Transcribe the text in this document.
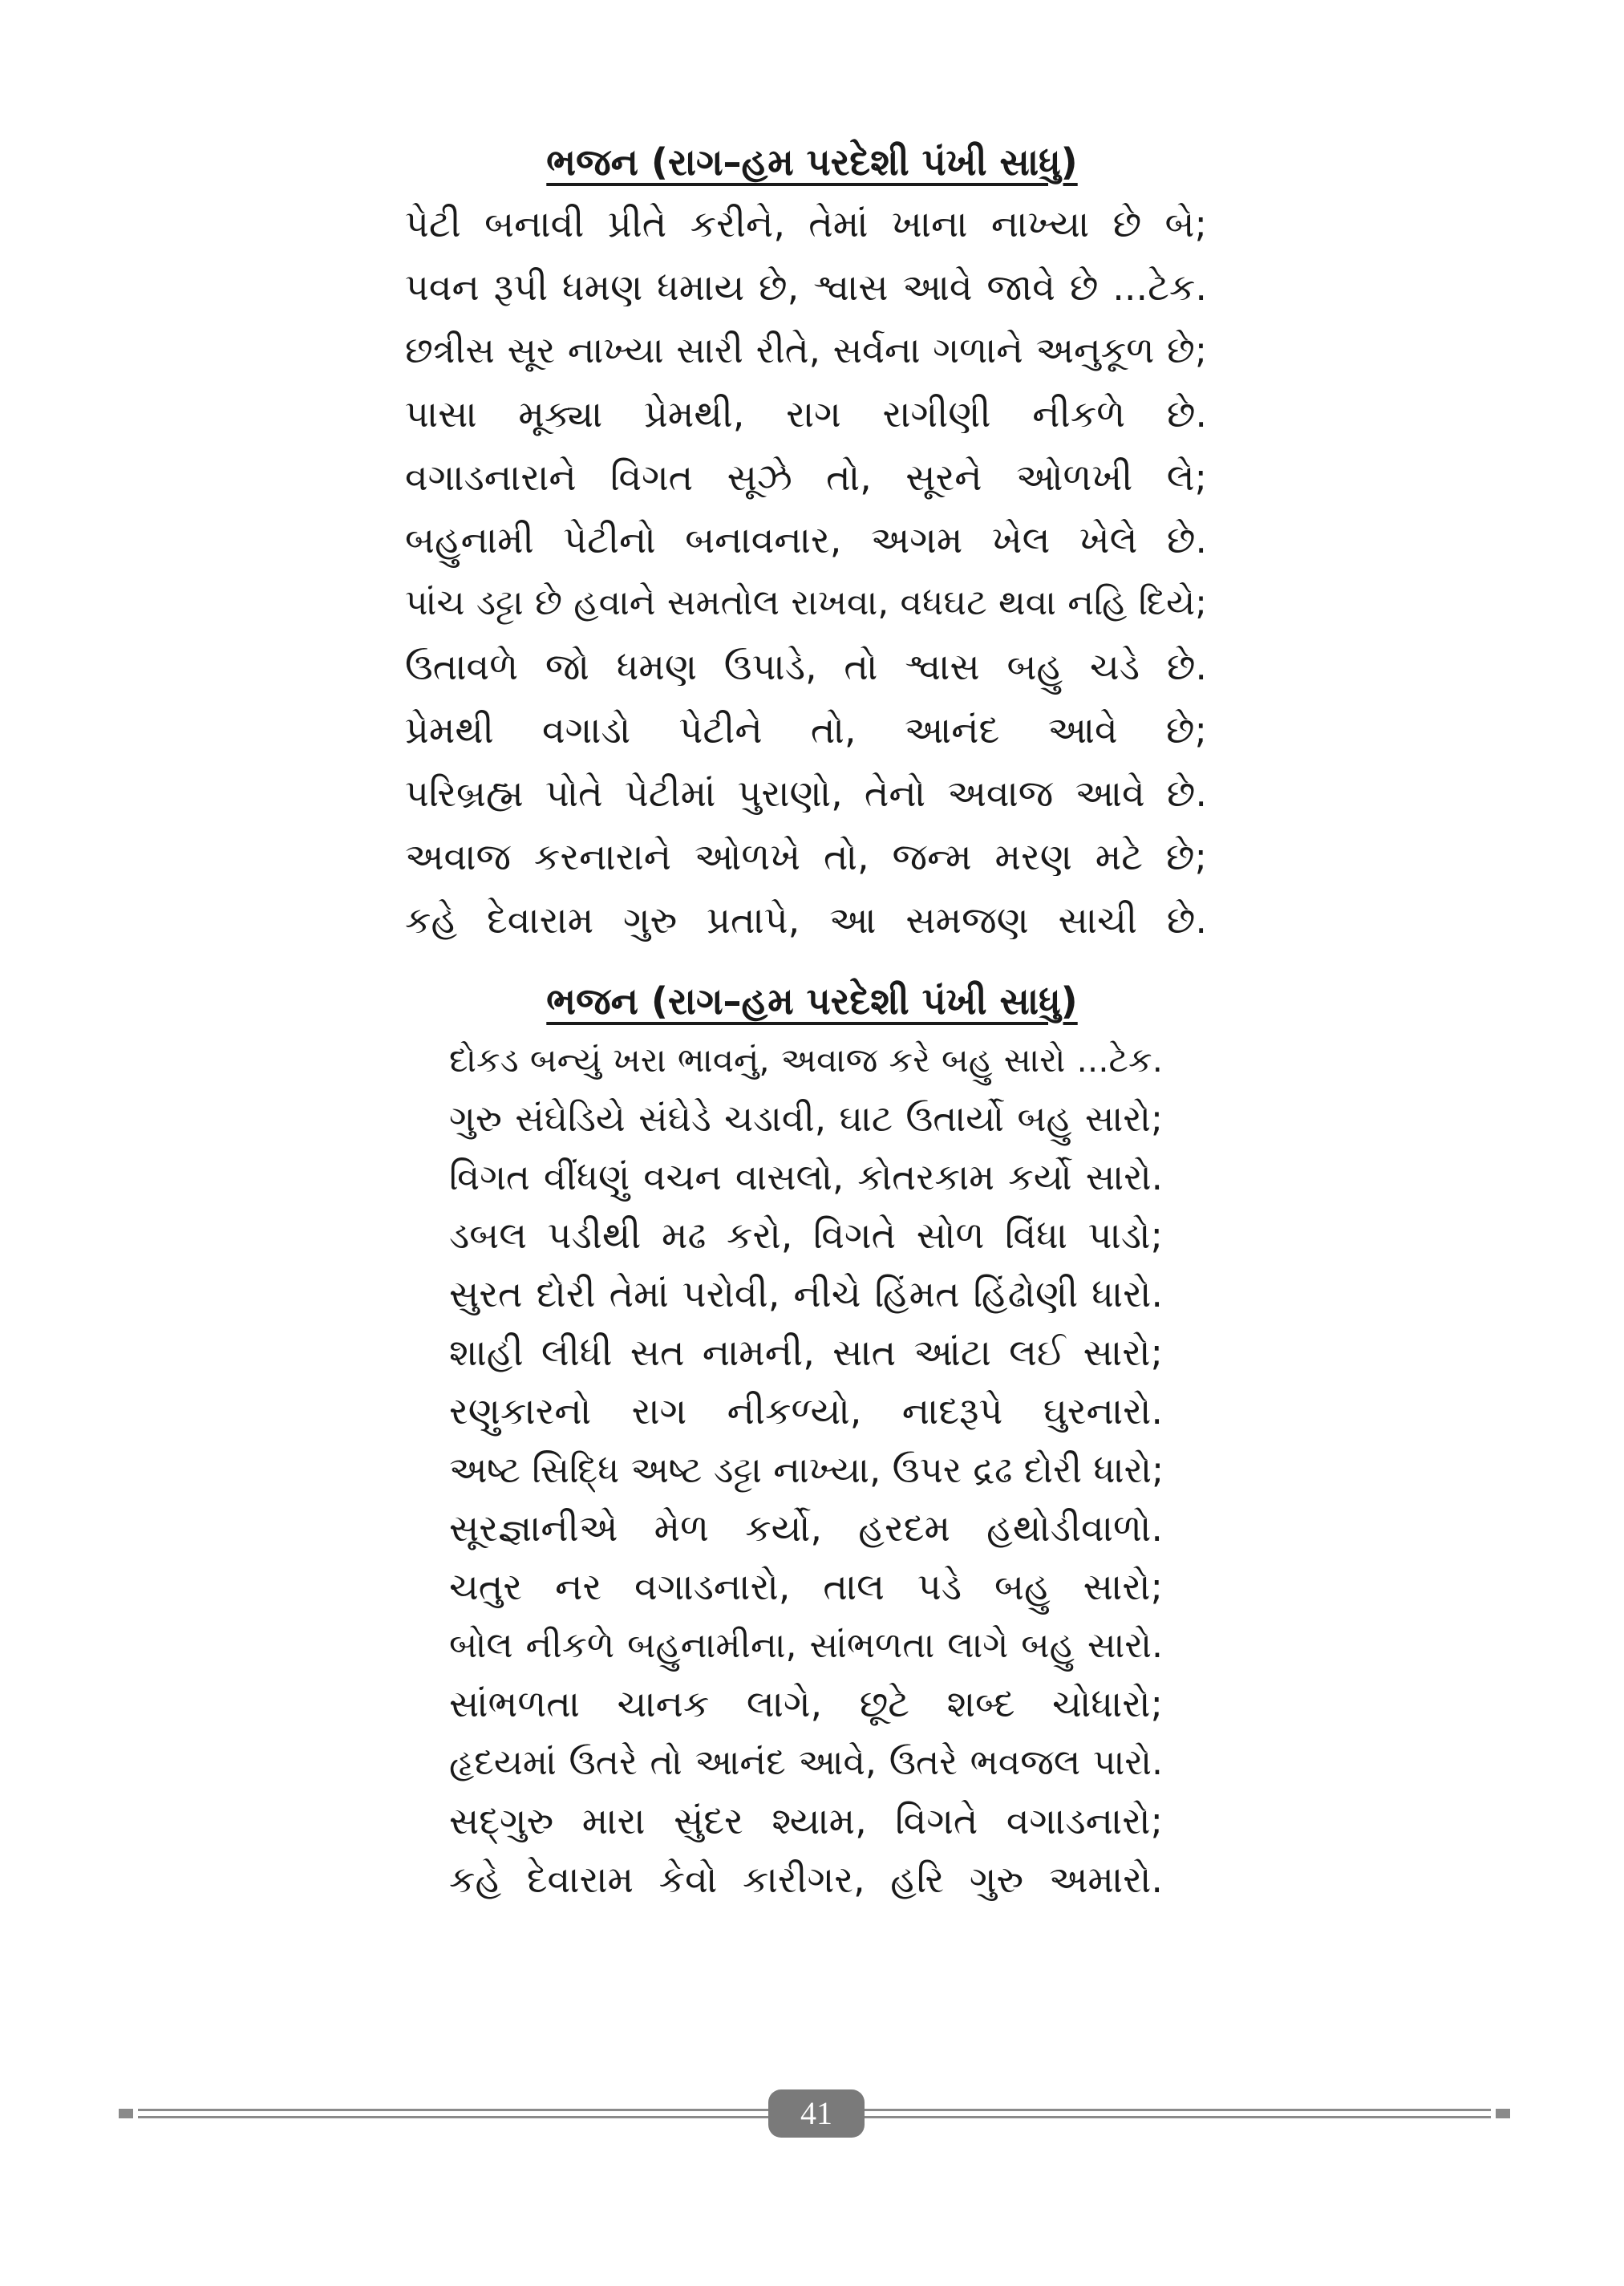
ભજન (રાગ–હમ પરદેશી પંખી સાધુ)
પેટી બનાવી પ્રીતે કરીને, તેમાં ખાના નાખ્યા છે બે;
પવન રૂપી ધમણ ધમાય છે, શ્વાસ આવે જાવે છે ...ટેક.
છત્રીસ સૂર નાખ્યા સારી રીતે, સર્વના ગળાને અનુકૂળ છે;
પાસા મૂક્યા પ્રેમથી, રાગ રાગીણી નીકળે છે.
વગાડનારાને વિગત સૂઝે તો, સૂરને ઓળખી લે;
બહુનામી પેટીનો બનાવનાર, અગમ ખેલ ખેલે છે.
પાંચ ડટ્ટા છે હવાને સમતોલ રાખવા, વધઘટ થવા નહિ દિયે;
ઉતાવળે જો ધમણ ઉપાડે, તો શ્વાસ બહુ ચડે છે.
પ્રેમથી વગાડો પેટીને તો, આનંદ આવે છે;
પરિબ્રહ્મ પોતે પેટીમાં પુરાણો, તેનો અવાજ આવે છે.
અવાજ કરનારાને ઓળખે તો, જન્મ મરણ મટે છે;
કહે દેવારામ ગુરુ પ્રતાપે, આ સમજણ સાચી છે.
ભજન (રાગ–હમ પરદેશી પંખી સાધુ)
દોકડ બન્યું ખરા ભાવનું, અવાજ કરે બહુ સારો ...ટેક.
ગુરુ સંઘેડિયે સંઘેડે ચડાવી, ઘાટ ઉતાર્યો બહુ સારો;
વિગત વીંધણું વચન વાસલો, કોતરકામ કર્યો સારો.
ડબલ પડીથી મઢ કરો, વિગતે સોળ વિંધા પાડો;
સુરત દોરી તેમાં પરોવી, નીચે હિંમત હિંઢોણી ધારો.
શાહી લીધી સત નામની, સાત આંટા લઈ સારો;
રણુકારનો રાગ નીકળ્યો, નાદરૂપે ઘુરનારો.
અષ્ટ સિદ્ધિ અષ્ટ ડટ્ટા નાખ્યા, ઉપર દ્રઢ દોરી ધારો;
સૂરજ્ઞાનીએ મેળ કર્યો, હરદમ હથોડીવાળો.
ચતુર નર વગાડનારો, તાલ પડે બહુ સારો;
બોલ નીકળે બહુનામીના, સાંભળતા લાગે બહુ સારો.
સાંભળતા ચાનક લાગે, છૂટે શબ્દ ચોધારો;
હૃદયમાં ઉતરે તો આનંદ આવે, ઉતરે ભવજલ પારો.
સદ્‌ગુરુ મારા સુંદર શ્યામ, વિગતે વગાડનારો;
કહે દેવારામ કેવો કારીગર, હરિ ગુરુ અમારો.
41
